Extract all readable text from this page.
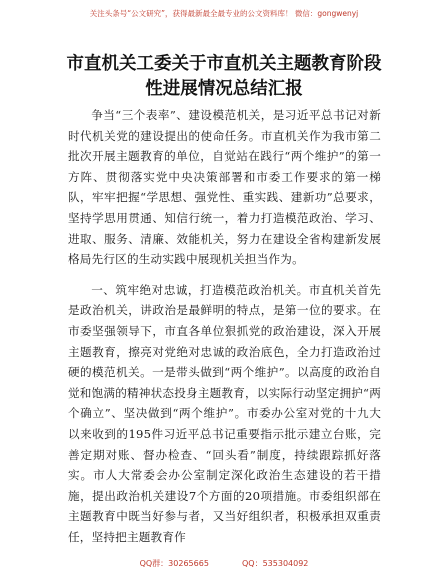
关注头条号“公文研究”，获得最新最全最专业的公文资料库！ 微信：gongwenyj
市直机关工委关于市直机关主题教育阶段性进展情况总结汇报

争当“三个表率”、建设模范机关，是习近平总书记对新时代机关党的建设提出的使命任务。市直机关作为我市第二批次开展主题教育的单位，自觉站在践行“两个维护”的第一方阵、贯彻落实党中央决策部署和市委工作要求的第一梯队，牢牢把握“学思想、强党性、重实践、建新功”总要求，坚持学思用贯通、知信行统一，着力打造模范政治、学习、进取、服务、清廉、效能机关，努力在建设全省构建新发展格局先行区的生动实践中展现机关担当作为。

一、筑牢绝对忠诚，打造模范政治机关。市直机关首先是政治机关，讲政治是最鲜明的特点，是第一位的要求。在市委坚强领导下，市直各单位狠抓党的政治建设，深入开展主题教育，擦亮对党绝对忠诚的政治底色，全力打造政治过硬的模范机关。一是带头做到“两个维护”。以高度的政治自觉和饱满的精神状态投身主题教育，以实际行动坚定拥护“两个确立”、坚决做到“两个维护”。市委办公室对党的十九大以来收到的195件习近平总书记重要指示批示建立台账，完善定期对账、督办检查、“回头看”制度，持续跟踪抓好落实。市人大常委会办公室制定深化政治生态建设的若干措施，提出政治机关建设7个方面的20项措施。市委组织部在主题教育中既当好参与者，又当好组织者，积极承担双重责任，坚持把主题教育作

QQ群：30265665	QQ：535304092
